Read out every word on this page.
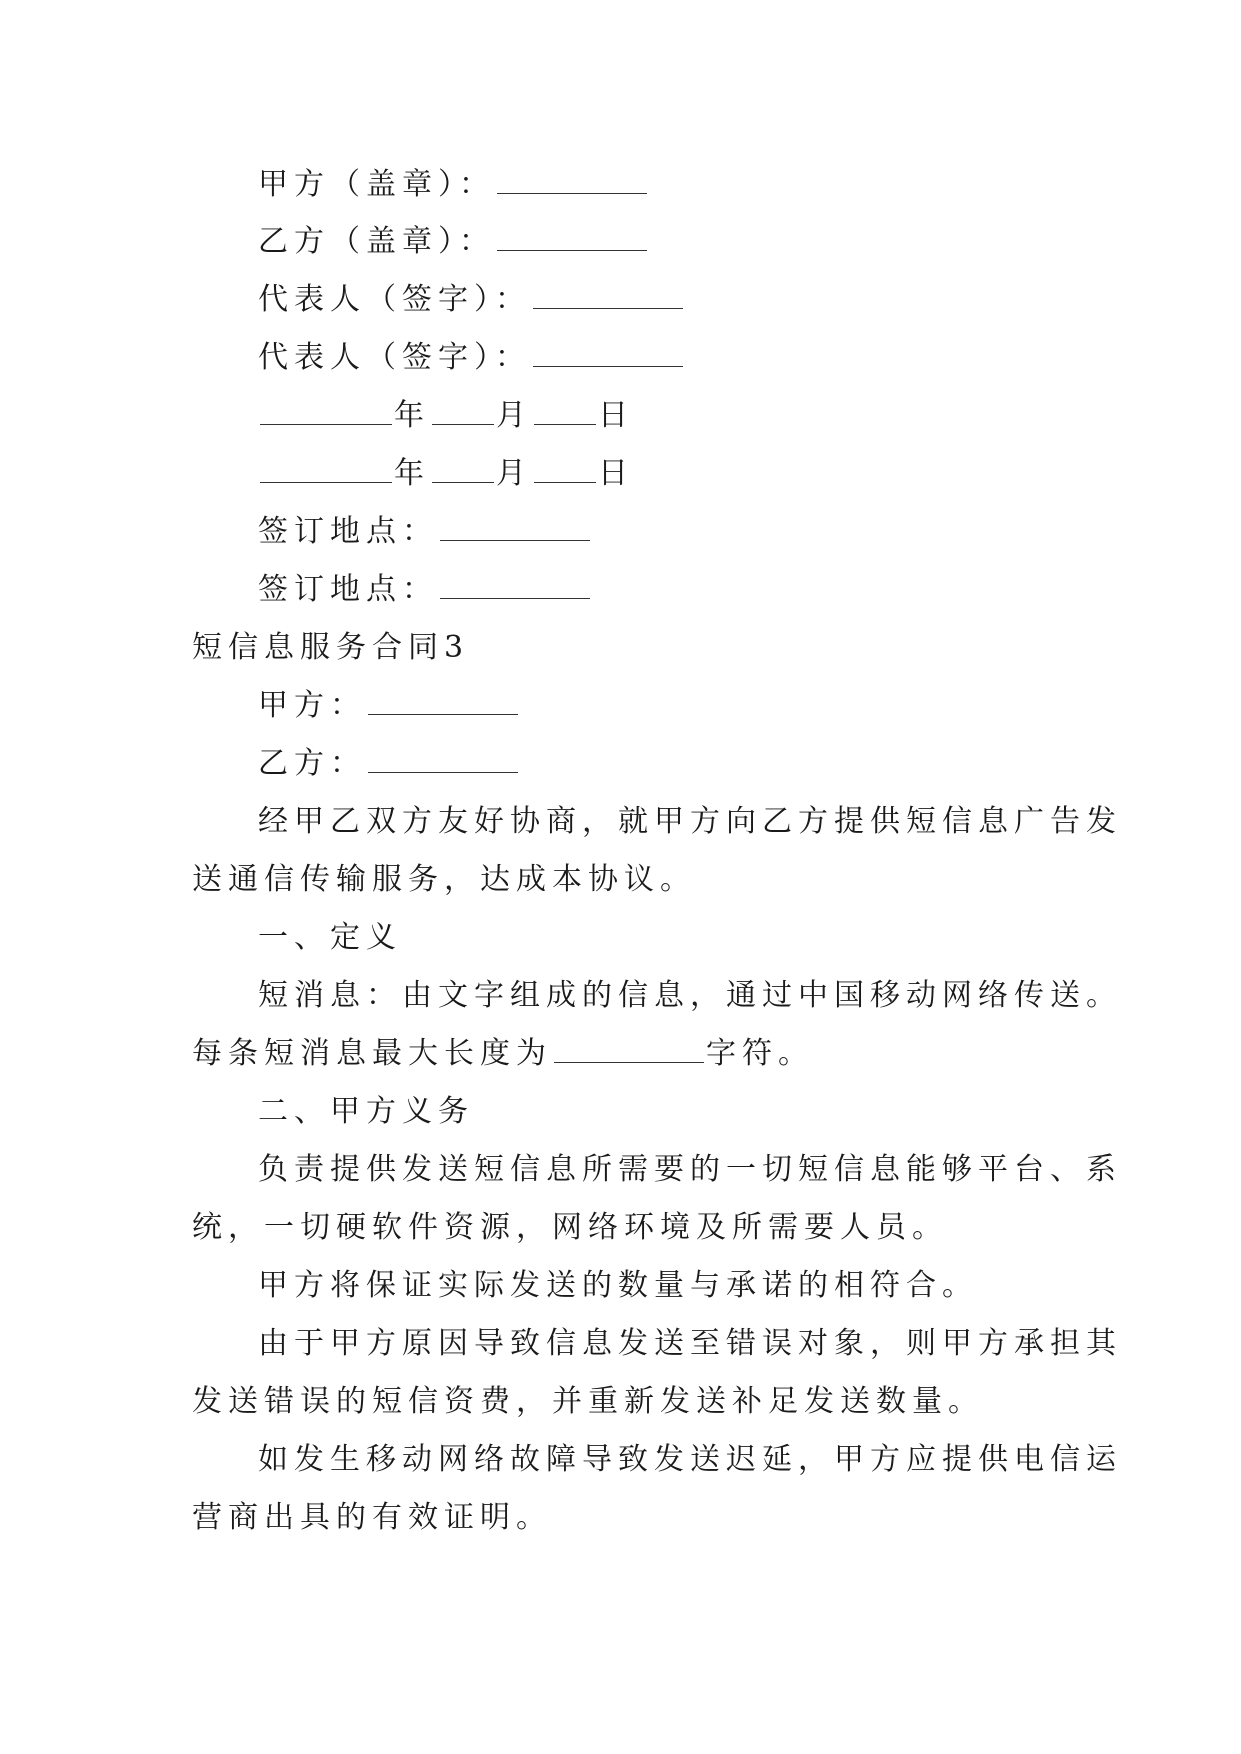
甲方（盖章）：
乙方（盖章）：
代表人（签字）：
代表人（签字）：
年 月 日
年 月 日
签订地点：
签订地点：
短信息服务合同3
甲方：
乙方：
经甲乙双方友好协商，就甲方向乙方提供短信息广告发
送通信传输服务，达成本协议。
一、定义
短消息：由文字组成的信息，通过中国移动网络传送。
每条短消息最大长度为	字符。
二、甲方义务
负责提供发送短信息所需要的一切短信息能够平台、系
统，一切硬软件资源，网络环境及所需要人员。
甲方将保证实际发送的数量与承诺的相符合。
由于甲方原因导致信息发送至错误对象，则甲方承担其
发送错误的短信资费，并重新发送补足发送数量。
如发生移动网络故障导致发送迟延，甲方应提供电信运
营商出具的有效证明。
